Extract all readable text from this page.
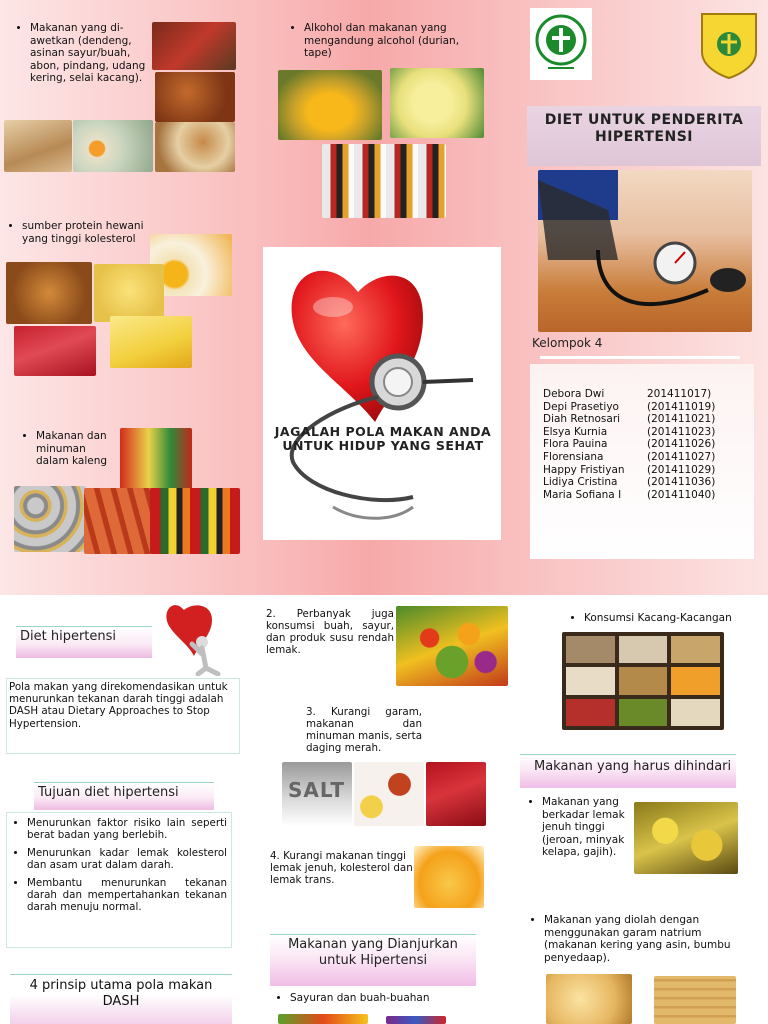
• Makanan yang di-awetkan (dendeng, asinan sayur/buah, abon, pindang, udang kering, selai kacang).
• sumber protein hewani yang tinggi kolesterol
• Makanan dan minuman dalam kaleng
• Alkohol dan makanan yang mengandung alcohol (durian, tape)
JAGALAH POLA MAKAN ANDA UNTUK HIDUP YANG SEHAT
DIET UNTUK PENDERITA HIPERTENSI
Kelompok 4
Debora Dwi	201411017)
Depi Prasetiyo	(201411019)
Diah Retnosari	(201411021)
Elsya Kurnia	(201411023)
Flora Pauina	(201411026)
Florensiana	(201411027)
Happy Fristiyan	(201411029)
Lidiya Cristina	(201411036)
Maria Sofiana I	(201411040)
Diet hipertensi
Pola makan yang direkomendasikan untuk menurunkan tekanan darah tinggi adalah DASH atau Dietary Approaches to Stop Hypertension.
Tujuan diet hipertensi
• Menurunkan faktor risiko lain seperti berat badan yang berlebih.
• Menurunkan kadar lemak kolesterol dan asam urat dalam darah.
• Membantu menurunkan tekanan darah dan mempertahankan tekanan darah menuju normal.
4 prinsip utama pola makan DASH
2. Perbanyak juga konsumsi buah, sayur, dan produk susu rendah lemak.
3. Kurangi garam, makanan dan minuman manis, serta daging merah.
SALT
4. Kurangi makanan tinggi lemak jenuh, kolesterol dan lemak trans.
Makanan yang Dianjurkan untuk Hipertensi
• Sayuran dan buah-buahan
• Konsumsi Kacang-Kacangan
Makanan yang harus dihindari
• Makanan yang berkadar lemak jenuh tinggi (jeroan, minyak kelapa, gajih).
• Makanan yang diolah dengan menggunakan garam natrium (makanan kering yang asin, bumbu penyedaap).
